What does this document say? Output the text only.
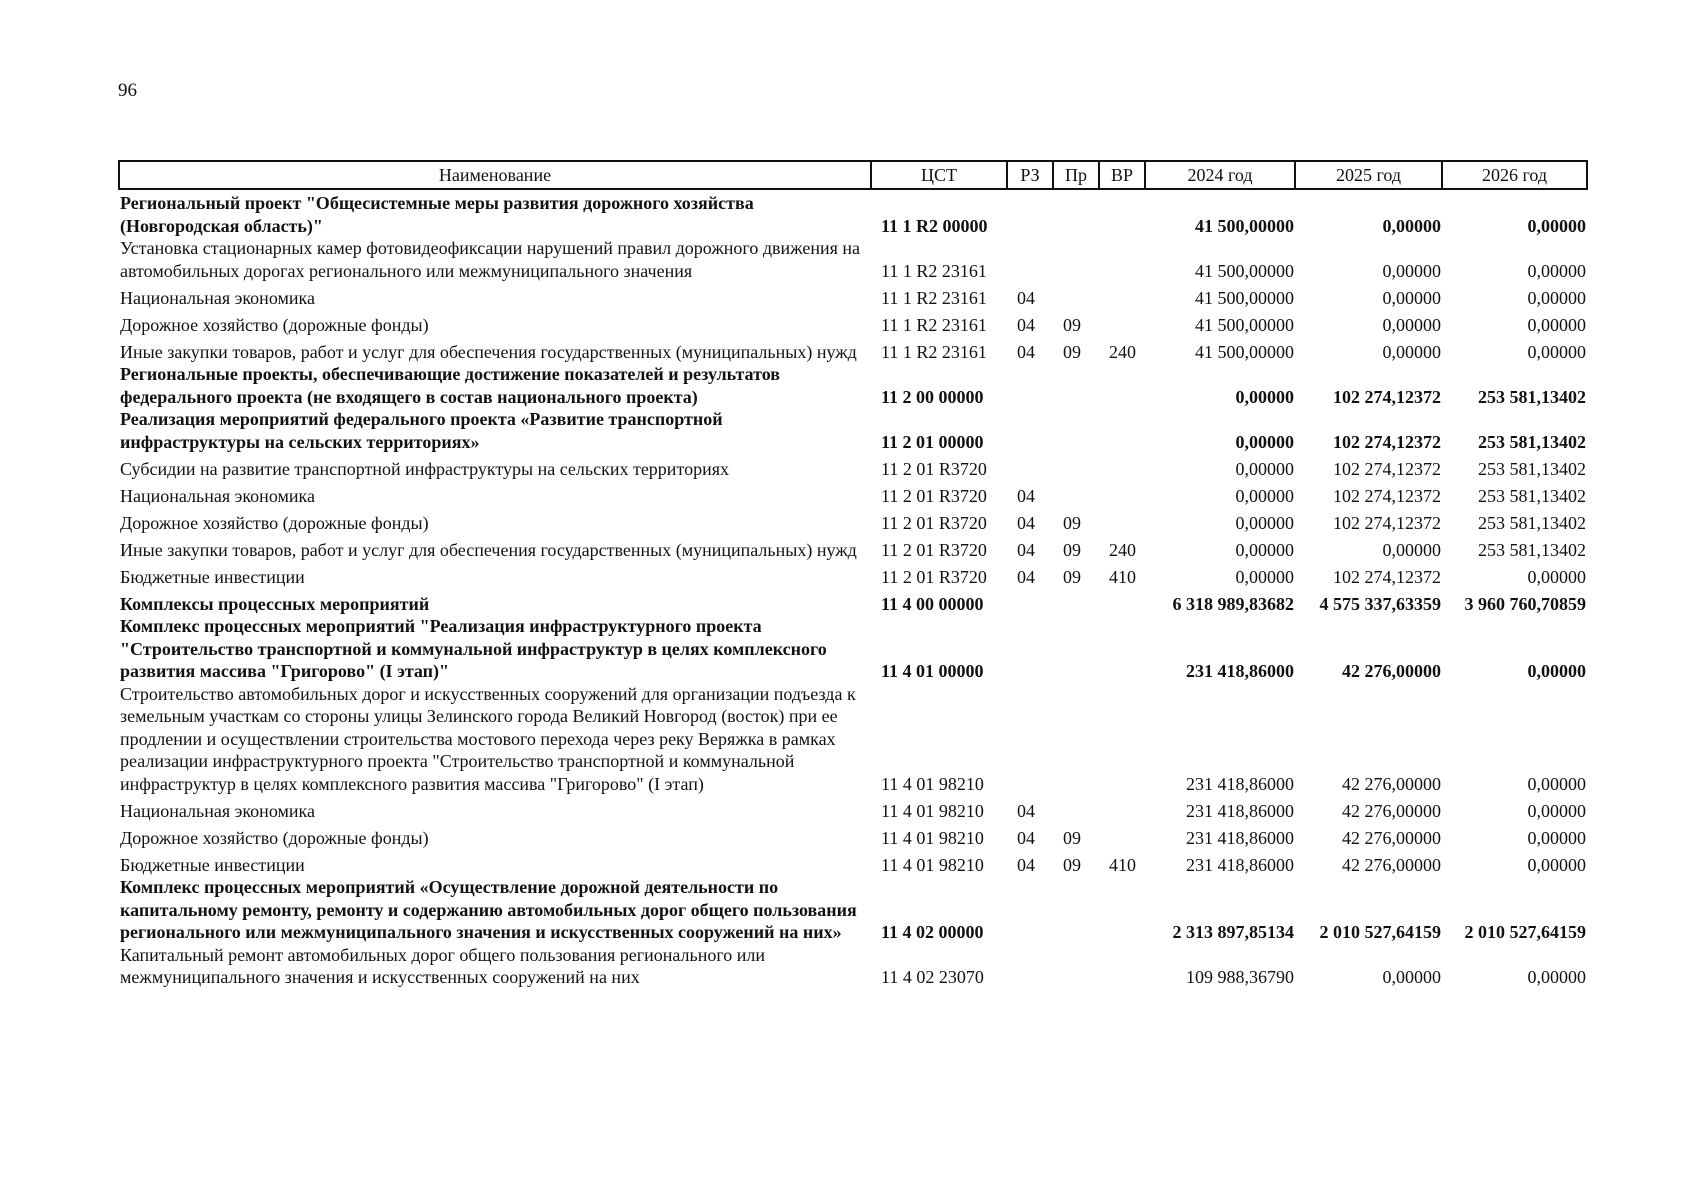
96
Наименование	ЦСТ	РЗ	Пр	ВР	2024 год	2025 год	2026 год
Региональный проект "Общесистемные меры развития дорожного хозяйства (Новгородская область)"	11 1 R2 00000				41 500,00000	0,00000	0,00000
Установка стационарных камер фотовидеофиксации нарушений правил дорожного движения на автомобильных дорогах регионального или межмуниципального значения	11 1 R2 23161				41 500,00000	0,00000	0,00000
Национальная экономика	11 1 R2 23161	04			41 500,00000	0,00000	0,00000
Дорожное хозяйство (дорожные фонды)	11 1 R2 23161	04	09		41 500,00000	0,00000	0,00000
Иные закупки товаров, работ и услуг для обеспечения государственных (муниципальных) нужд	11 1 R2 23161	04	09	240	41 500,00000	0,00000	0,00000
Региональные проекты, обеспечивающие достижение показателей и результатов федерального проекта (не входящего в состав национального проекта)	11 2 00 00000				0,00000	102 274,12372	253 581,13402
Реализация мероприятий федерального проекта «Развитие транспортной инфраструктуры на сельских территориях»	11 2 01 00000				0,00000	102 274,12372	253 581,13402
Субсидии на развитие транспортной инфраструктуры на сельских территориях	11 2 01 R3720				0,00000	102 274,12372	253 581,13402
Национальная экономика	11 2 01 R3720	04			0,00000	102 274,12372	253 581,13402
Дорожное хозяйство (дорожные фонды)	11 2 01 R3720	04	09		0,00000	102 274,12372	253 581,13402
Иные закупки товаров, работ и услуг для обеспечения государственных (муниципальных) нужд	11 2 01 R3720	04	09	240	0,00000	0,00000	253 581,13402
Бюджетные инвестиции	11 2 01 R3720	04	09	410	0,00000	102 274,12372	0,00000
Комплексы процессных мероприятий	11 4 00 00000				6 318 989,83682	4 575 337,63359	3 960 760,70859
Комплекс процессных мероприятий "Реализация инфраструктурного проекта "Строительство транспортной и коммунальной инфраструктур в целях комплексного развития массива "Григорово" (I этап)"	11 4 01 00000				231 418,86000	42 276,00000	0,00000
Строительство автомобильных дорог и искусственных сооружений для организации подъезда к земельным участкам со стороны улицы Зелинского города Великий Новгород (восток) при ее продлении и осуществлении строительства мостового перехода через реку Веряжка в рамках реализации инфраструктурного проекта "Строительство транспортной и коммунальной инфраструктур в целях комплексного развития массива "Григорово" (I этап)	11 4 01 98210				231 418,86000	42 276,00000	0,00000
Национальная экономика	11 4 01 98210	04			231 418,86000	42 276,00000	0,00000
Дорожное хозяйство (дорожные фонды)	11 4 01 98210	04	09		231 418,86000	42 276,00000	0,00000
Бюджетные инвестиции	11 4 01 98210	04	09	410	231 418,86000	42 276,00000	0,00000
Комплекс процессных мероприятий «Осуществление дорожной деятельности по капитальному ремонту, ремонту и содержанию автомобильных дорог общего пользования регионального или межмуниципального значения и искусственных сооружений на них»	11 4 02 00000				2 313 897,85134	2 010 527,64159	2 010 527,64159
Капитальный ремонт автомобильных дорог общего пользования регионального или межмуниципального значения и искусственных сооружений на них	11 4 02 23070				109 988,36790	0,00000	0,00000
